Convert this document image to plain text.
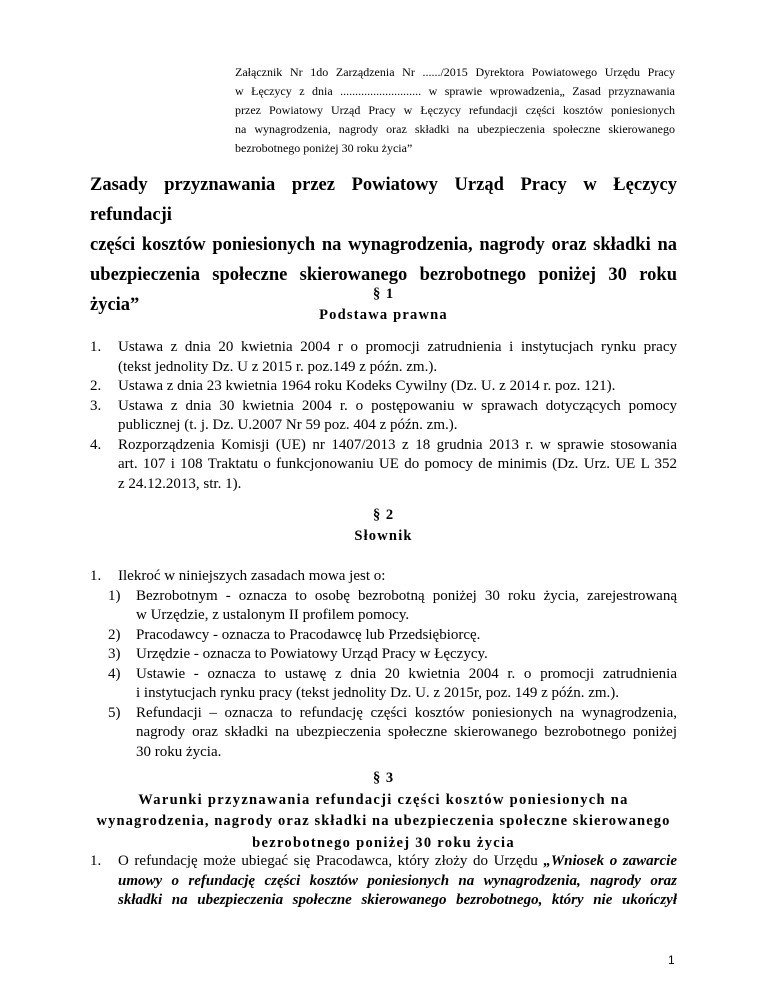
Załącznik Nr 1do Zarządzenia Nr ....../2015 Dyrektora Powiatowego Urzędu Pracy
w Łęczycy z dnia ........................... w sprawie wprowadzenia„ Zasad przyznawania
przez Powiatowy Urząd Pracy w Łęczycy refundacji części kosztów poniesionych
na wynagrodzenia, nagrody oraz składki na ubezpieczenia społeczne skierowanego
bezrobotnego poniżej 30 roku życia”
Zasady przyznawania przez Powiatowy Urząd Pracy w Łęczycy refundacji
części kosztów poniesionych na wynagrodzenia, nagrody oraz składki na
ubezpieczenia społeczne skierowanego bezrobotnego poniżej 30 roku życia”
§ 1
Podstawa prawna
1. Ustawa z dnia 20 kwietnia 2004 r o promocji zatrudnienia i instytucjach rynku pracy
(tekst jednolity Dz. U z 2015 r. poz.149 z późn. zm.).
2. Ustawa z dnia 23 kwietnia 1964 roku Kodeks Cywilny (Dz. U. z 2014 r. poz. 121).
3. Ustawa z dnia 30 kwietnia 2004 r. o postępowaniu w sprawach dotyczących pomocy
publicznej (t. j. Dz. U.2007 Nr 59 poz. 404 z późn. zm.).
4. Rozporządzenia Komisji (UE) nr 1407/2013 z 18 grudnia 2013 r. w sprawie stosowania
art. 107 i 108 Traktatu o funkcjonowaniu UE do pomocy de minimis (Dz. Urz. UE L 352
z 24.12.2013, str. 1).
§ 2
Słownik
1. Ilekroć w niniejszych zasadach mowa jest o:
1) Bezrobotnym - oznacza to osobę bezrobotną poniżej 30 roku życia, zarejestrowaną
w Urzędzie, z ustalonym II profilem pomocy.
2) Pracodawcy - oznacza to Pracodawcę lub Przedsiębiorcę.
3) Urzędzie - oznacza to Powiatowy Urząd Pracy w Łęczycy.
4) Ustawie - oznacza to ustawę z dnia 20 kwietnia 2004 r. o promocji zatrudnienia
i instytucjach rynku pracy (tekst jednolity Dz. U. z 2015r, poz. 149 z późn. zm.).
5) Refundacji – oznacza to refundację części kosztów poniesionych na wynagrodzenia,
nagrody oraz składki na ubezpieczenia społeczne skierowanego bezrobotnego poniżej
30 roku życia.
§ 3
Warunki przyznawania refundacji części kosztów poniesionych na
wynagrodzenia, nagrody oraz składki na ubezpieczenia społeczne skierowanego
bezrobotnego poniżej 30 roku życia
1. O refundację może ubiegać się Pracodawca, który złoży do Urzędu „Wniosek o zawarcie
umowy o refundację części kosztów poniesionych na wynagrodzenia, nagrody oraz
składki na ubezpieczenia społeczne skierowanego bezrobotnego, który nie ukończył
1
